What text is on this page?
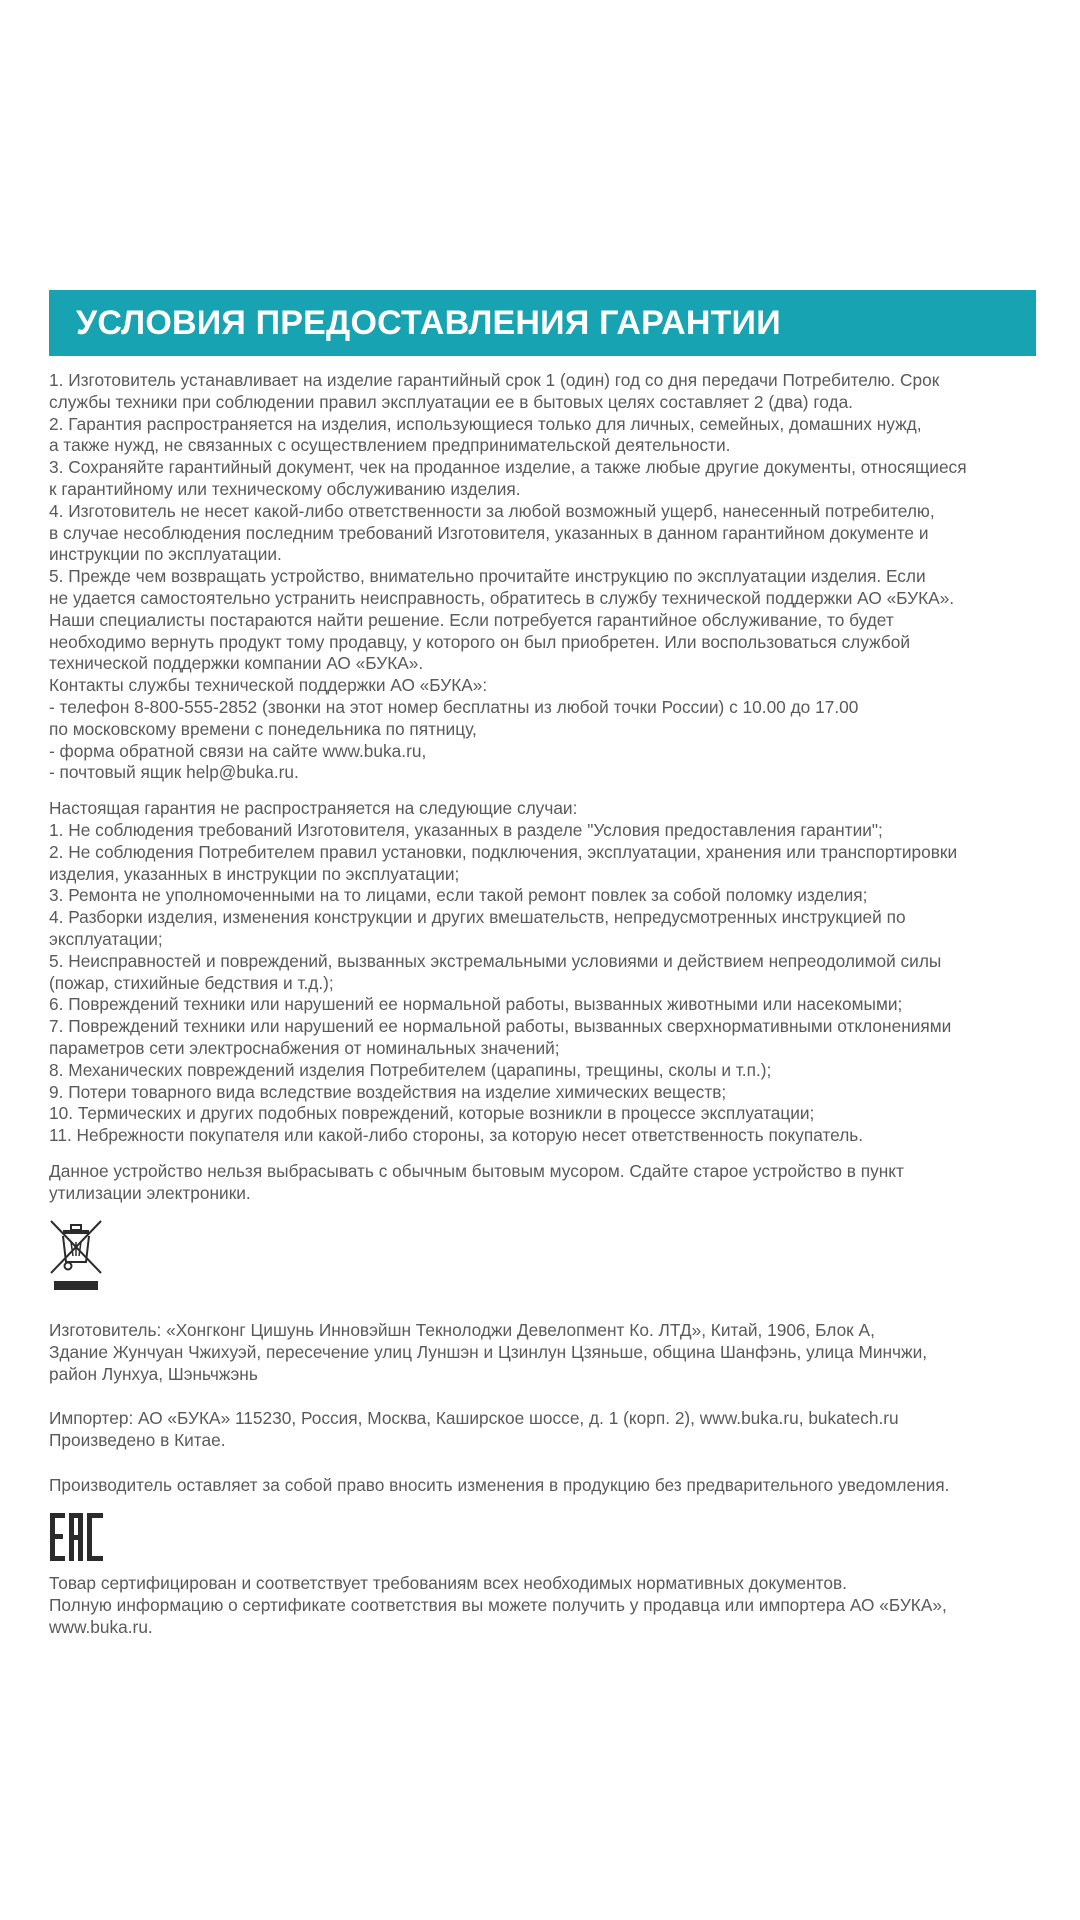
УСЛОВИЯ ПРЕДОСТАВЛЕНИЯ ГАРАНТИИ

1. Изготовитель устанавливает на изделие гарантийный срок 1 (один) год со дня передачи Потребителю. Срок
службы техники при соблюдении правил эксплуатации ее в бытовых целях составляет 2 (два) года.

2. Гарантия распространяется на изделия, использующиеся только для личных, семейных, домашних нужд,
а также нужд, не связанных с осуществлением предпринимательской деятельности.

3. Сохраняйте гарантийный документ, чек на проданное изделие, а также любые другие документы, относящиеся
к гарантийному или техническому обслуживанию изделия.

4. Изготовитель не несет какой-либо ответственности за любой возможный ущерб, нанесенный потребителю,
в случае несоблюдения последним требований Изготовителя, указанных в данном гарантийном документе и
инструкции по эксплуатации.

5. Прежде чем возвращать устройство, внимательно прочитайте инструкцию по эксплуатации изделия. Если
не удается самостоятельно устранить неисправность, обратитесь в службу технической поддержки АО «БУКА».
Наши специалисты постараются найти решение. Если потребуется гарантийное обслуживание, то будет
необходимо вернуть продукт тому продавцу, у которого он был приобретен. Или воспользоваться службой
технической поддержки компании АО «БУКА».

Контакты службы технической поддержки АО «БУКА»:

- телефон 8-800-555-2852 (звонки на этот номер бесплатны из любой точки России) с 10.00 до 17.00
по московскому времени с понедельника по пятницу,

- форма обратной связи на сайте www.buka.ru,

- почтовый ящик help@buka.ru.

Настоящая гарантия не распространяется на следующие случаи:

1. Не соблюдения требований Изготовителя, указанных в разделе "Условия предоставления гарантии";

2. Не соблюдения Потребителем правил установки, подключения, эксплуатации, хранения или транспортировки
изделия, указанных в инструкции по эксплуатации;

3. Ремонта не уполномоченными на то лицами, если такой ремонт повлек за собой поломку изделия;

4. Разборки изделия, изменения конструкции и других вмешательств, непредусмотренных инструкцией по
эксплуатации;

5. Неисправностей и повреждений, вызванных экстремальными условиями и действием непреодолимой силы
(пожар, стихийные бедствия и т.д.);

6. Повреждений техники или нарушений ее нормальной работы, вызванных животными или насекомыми;

7. Повреждений техники или нарушений ее нормальной работы, вызванных сверхнормативными отклонениями
параметров сети электроснабжения от номинальных значений;

8. Механических повреждений изделия Потребителем (царапины, трещины, сколы и т.п.);

9. Потери товарного вида вследствие воздействия на изделие химических веществ;

10. Термических и других подобных повреждений, которые возникли в процессе эксплуатации;

11. Небрежности покупателя или какой-либо стороны, за которую несет ответственность покупатель.

Данное устройство нельзя выбрасывать с обычным бытовым мусором. Сдайте старое устройство в пункт
утилизации электроники.

Изготовитель: «Хонгконг Цишунь Инновэйшн Текнолоджи Девелопмент Ко. ЛТД», Китай, 1906, Блок А,
Здание Жунчуан Чжихуэй, пересечение улиц Луншэн и Цзинлун Цзяньше, община Шанфэнь, улица Минчжи,
район Лунхуа, Шэньчжэнь

Импортер: АО «БУКА» 115230, Россия, Москва, Каширское шоссе, д. 1 (корп. 2), www.buka.ru, bukatech.ru
Произведено в Китае.

Производитель оставляет за собой право вносить изменения в продукцию без предварительного уведомления.

Товар сертифицирован и соответствует требованиям всех необходимых нормативных документов.
Полную информацию о сертификате соответствия вы можете получить у продавца или импортера АО «БУКА»,
www.buka.ru.
